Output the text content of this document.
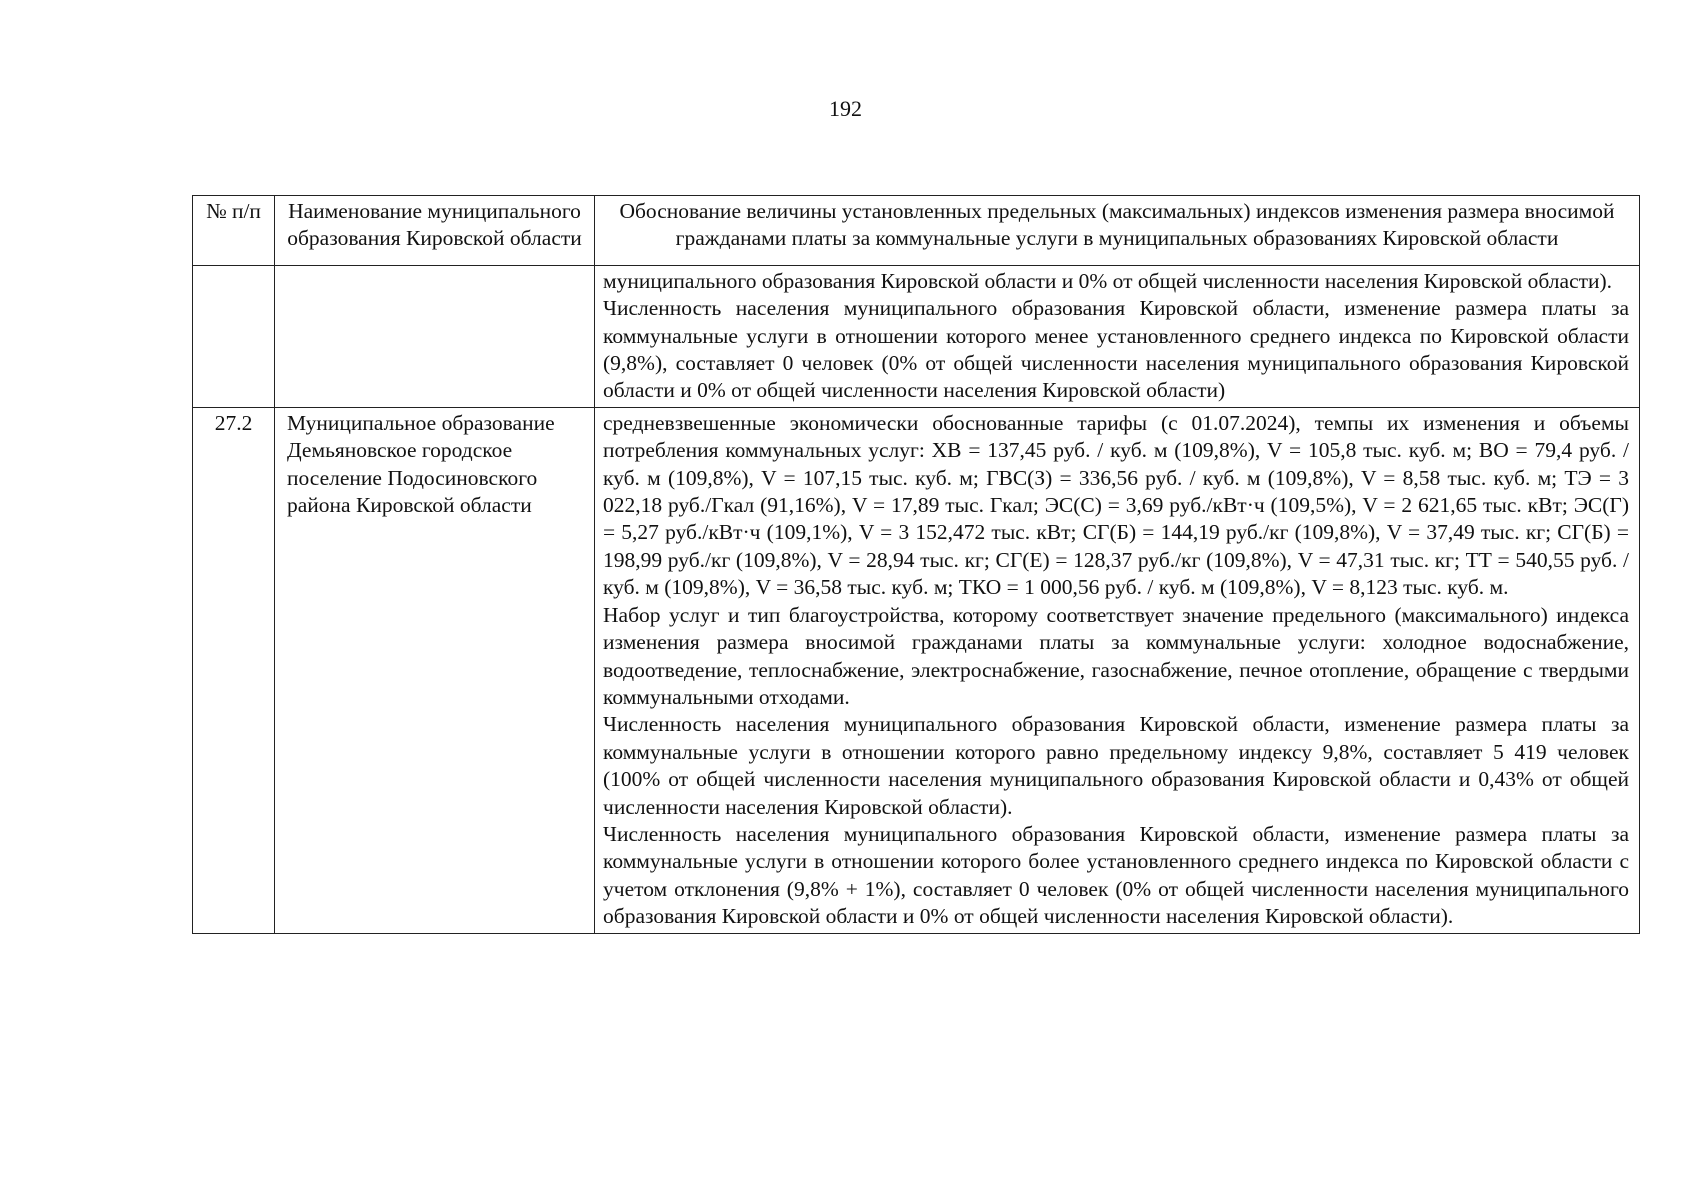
192
№ п/п	Наименование муниципального образования Кировской области	Обоснование величины установленных предельных (максимальных) индексов изменения размера вносимой гражданами платы за коммунальные услуги в муниципальных образованиях Кировской области

		муниципального образования Кировской области и 0% от общей численности населения Кировской области).

Численность населения муниципального образования Кировской области, изменение размера платы за коммунальные услуги в отношении которого менее установленного среднего индекса по Кировской области (9,8%), составляет 0 человек (0% от общей численности населения муниципального образования Кировской области и 0% от общей численности населения Кировской области)

27.2	Муниципальное образование Демьяновское городское поселение Подосиновского района Кировской области	средневзвешенные экономически обоснованные тарифы (с 01.07.2024), темпы их изменения и объемы потребления коммунальных услуг: ХВ = 137,45 руб. / куб. м (109,8%), V = 105,8 тыс. куб. м; ВО = 79,4 руб. / куб. м (109,8%), V = 107,15 тыс. куб. м; ГВС(З) = 336,56 руб. / куб. м (109,8%), V = 8,58 тыс. куб. м; ТЭ = 3 022,18 руб./Гкал (91,16%), V = 17,89 тыс. Гкал; ЭС(С) = 3,69 руб./кВт·ч (109,5%), V = 2 621,65 тыс. кВт; ЭС(Г) = 5,27 руб./кВт·ч (109,1%), V = 3 152,472 тыс. кВт; СГ(Б) = 144,19 руб./кг (109,8%), V = 37,49 тыс. кг; СГ(Б) = 198,99 руб./кг (109,8%), V = 28,94 тыс. кг; СГ(Е) = 128,37 руб./кг (109,8%), V = 47,31 тыс. кг; ТТ = 540,55 руб. / куб. м (109,8%), V = 36,58 тыс. куб. м; ТКО = 1 000,56 руб. / куб. м (109,8%), V = 8,123 тыс. куб. м.

Набор услуг и тип благоустройства, которому соответствует значение предельного (максимального) индекса изменения размера вносимой гражданами платы за коммунальные услуги: холодное водоснабжение, водоотведение, теплоснабжение, электроснабжение, газоснабжение, печное отопление, обращение с твердыми коммунальными отходами.

Численность населения муниципального образования Кировской области, изменение размера платы за коммунальные услуги в отношении которого равно предельному индексу 9,8%, составляет 5 419 человек (100% от общей численности населения муниципального образования Кировской области и 0,43% от общей численности населения Кировской области).

Численность населения муниципального образования Кировской области, изменение размера платы за коммунальные услуги в отношении которого более установленного среднего индекса по Кировской области с учетом отклонения (9,8% + 1%), составляет 0 человек (0% от общей численности населения муниципального образования Кировской области и 0% от общей численности населения Кировской области).
